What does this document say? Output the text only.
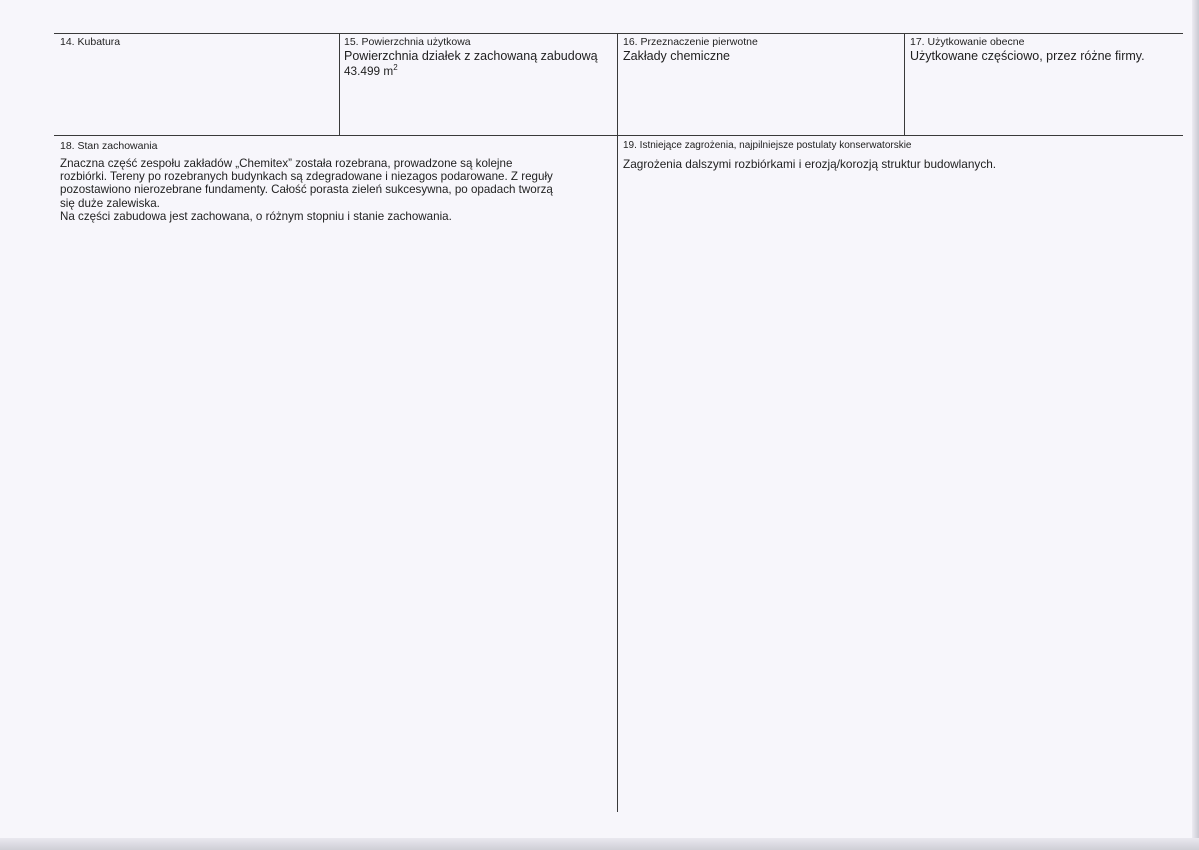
14. Kubatura	15. Powierzchnia użytkowa
Powierzchnia działek z zachowaną zabudową
43.499 $m^2$
16. Przeznaczenie pierwotne
Zakłady chemiczne
17. Użytkowanie obecne
Użytkowane częściowo, przez różne firmy.
18. Stan zachowania
Znaczna część zespołu zakładów „Chemitex” została rozebrana, prowadzone są kolejne
rozbiórki. Tereny po rozebranych budynkach są zdegradowane i niezagos podarowane. Z reguły
pozostawiono nierozebrane fundamenty. Całość porasta zieleń sukcesywna, po opadach tworzą
się duże zalewiska.
Na części zabudowa jest zachowana, o różnym stopniu i stanie zachowania.
19. Istniejące zagrożenia, najpilniejsze postulaty konserwatorskie
Zagrożenia dalszymi rozbiórkami i erozją/korozją struktur budowlanych.
